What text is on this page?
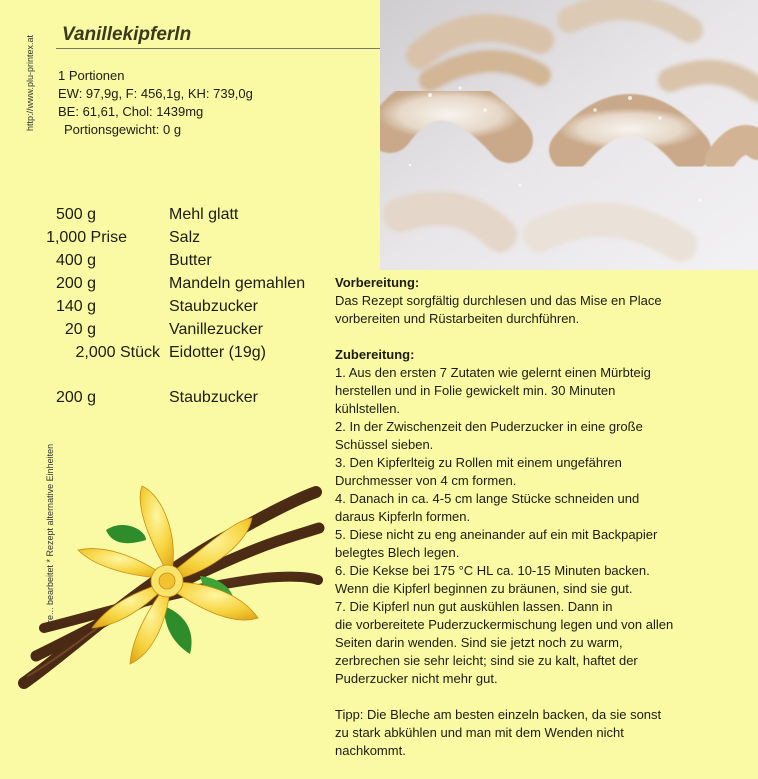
http://www.plu-printex.at
Vanillekipferln
1 Portionen
EW: 97,9g, F: 456,1g, KH: 739,0g
BE: 61,61, Chol: 1439mg
Portionsgewicht: 0 g
500 g	Mehl glatt
1,000 Prise	Salz
400 g	Butter
200 g	Mandeln gemahlen
140 g	Staubzucker
20 g	Vanillezucker
2,000 Stück Eidotter (19g)
200 g	Staubzucker
Vorbereitung:
Das Rezept sorgfältig durchlesen und das Mise en Place
vorbereiten und Rüstarbeiten durchführen.
Zubereitung:
1. Aus den ersten 7 Zutaten wie gelernt einen Mürbteig
herstellen und in Folie gewickelt min. 30 Minuten
kühlstellen.
2. In der Zwischenzeit den Puderzucker in eine große
Schüssel sieben.
3. Den Kipferlteig zu Rollen mit einem ungefähren
Durchmesser von 4 cm formen.
4. Danach in ca. 4-5 cm lange Stücke schneiden und
daraus Kipferln formen.
5. Diese nicht zu eng aneinander auf ein mit Backpapier
belegtes Blech legen.
6. Die Kekse bei 175 °C HL ca. 10-15 Minuten backen.
Wenn die Kipferl beginnen zu bräunen, sind sie gut.
7. Die Kipferl nun gut auskühlen lassen. Dann in
die vorbereitete Puderzuckermischung legen und von allen
Seiten darin wenden. Sind sie jetzt noch zu warm,
zerbrechen sie sehr leicht; sind sie zu kalt, haftet der
Puderzucker nicht mehr gut.
Tipp: Die Bleche am besten einzeln backen, da sie sonst
zu stark abkühlen und man mit dem Wenden nicht
nachkommt.
re... bearbeitet * Rezept alternative Einheiten
